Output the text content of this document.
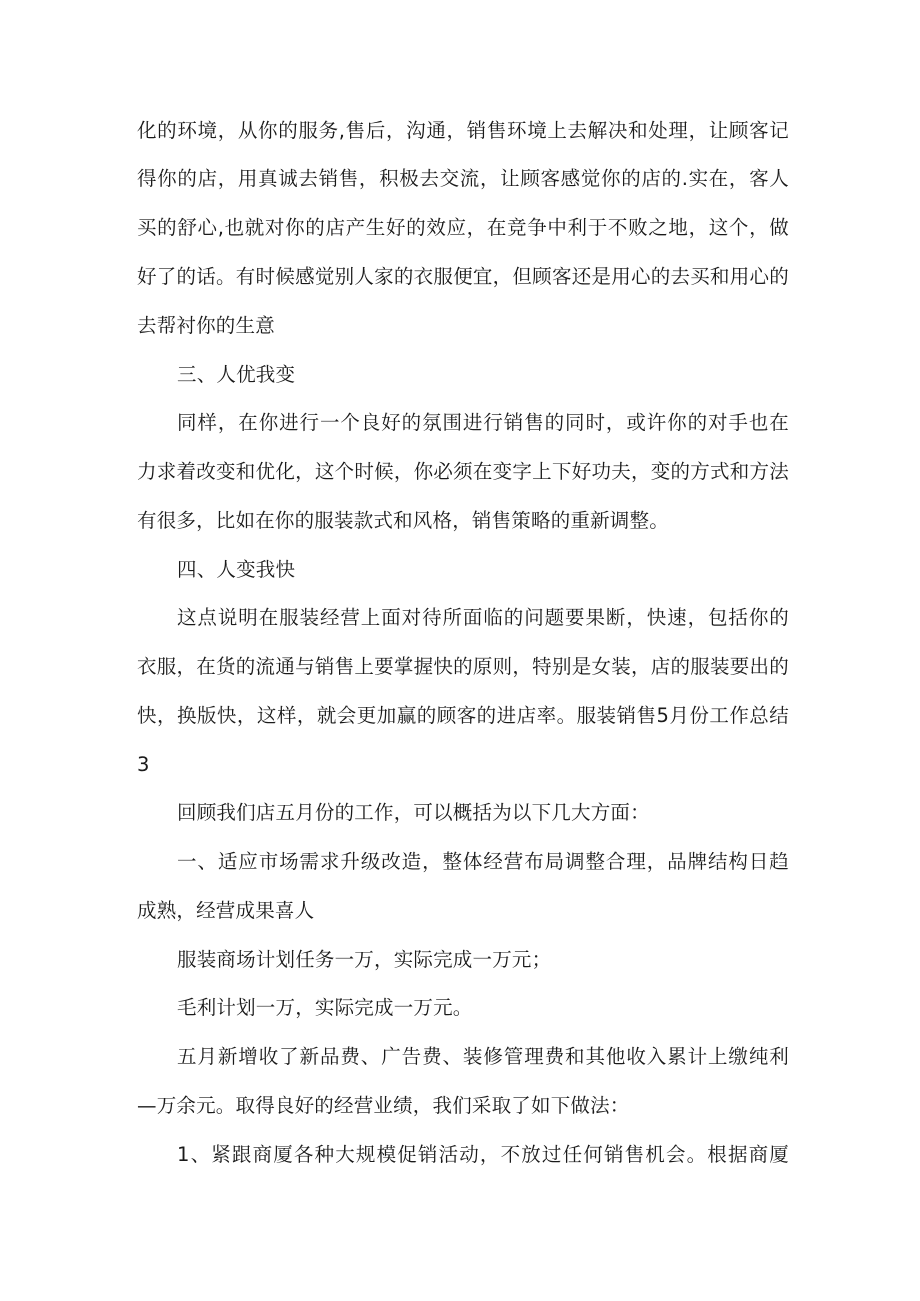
化的环境，从你的服务,售后，沟通，销售环境上去解决和处理，让顾客记
得你的店，用真诚去销售，积极去交流，让顾客感觉你的店的.实在，客人
买的舒心,也就对你的店产生好的效应，在竞争中利于不败之地，这个，做
好了的话。有时候感觉别人家的衣服便宜，但顾客还是用心的去买和用心的
去帮衬你的生意
三、人优我变
同样，在你进行一个良好的氛围进行销售的同时，或许你的对手也在
力求着改变和优化，这个时候，你必须在变字上下好功夫，变的方式和方法
有很多，比如在你的服装款式和风格，销售策略的重新调整。
四、人变我快
这点说明在服装经营上面对待所面临的问题要果断，快速，包括你的
衣服，在货的流通与销售上要掌握快的原则，特别是女装，店的服装要出的
快，换版快，这样，就会更加赢的顾客的进店率。服装销售5月份工作总结
3
回顾我们店五月份的工作，可以概括为以下几大方面：
一、适应市场需求升级改造，整体经营布局调整合理，品牌结构日趋
成熟，经营成果喜人
服装商场计划任务一万，实际完成一万元；
毛利计划一万，实际完成一万元。
五月新增收了新品费、广告费、装修管理费和其他收入累计上缴纯利
—万余元。取得良好的经营业绩，我们采取了如下做法：
1、紧跟商厦各种大规模促销活动，不放过任何销售机会。根据商厦
